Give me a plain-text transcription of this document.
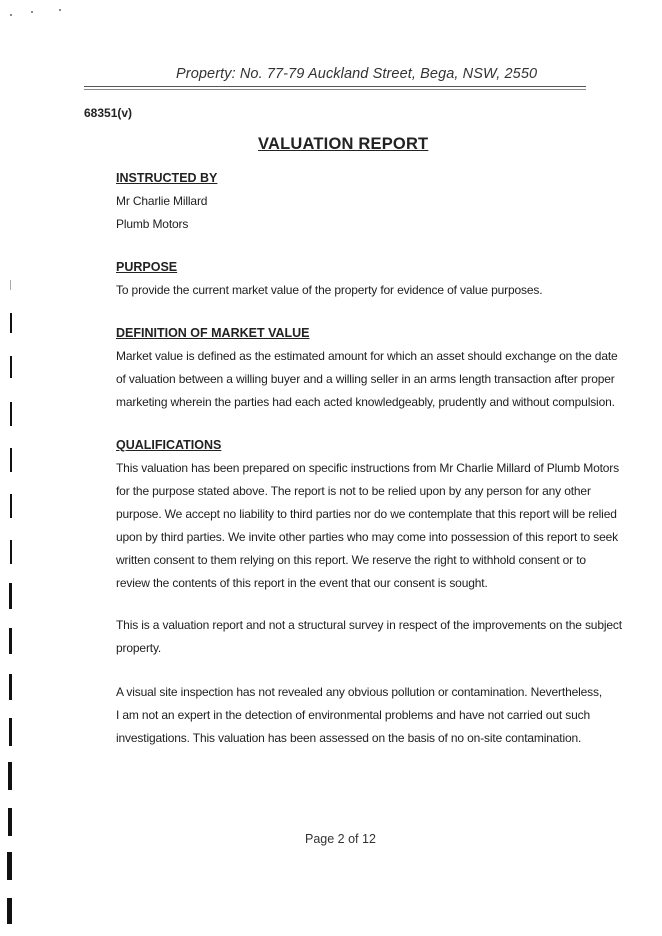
Property: No. 77-79 Auckland Street, Bega, NSW, 2550
68351(v)
VALUATION REPORT
INSTRUCTED BY
Mr Charlie Millard
Plumb Motors
PURPOSE
To provide the current market value of the property for evidence of value purposes.
DEFINITION OF MARKET VALUE
Market value is defined as the estimated amount for which an asset should exchange on the date
of valuation between a willing buyer and a willing seller in an arms length transaction after proper
marketing wherein the parties had each acted knowledgeably, prudently and without compulsion.
QUALIFICATIONS
This valuation has been prepared on specific instructions from Mr Charlie Millard of Plumb Motors
for the purpose stated above. The report is not to be relied upon by any person for any other
purpose. We accept no liability to third parties nor do we contemplate that this report will be relied
upon by third parties. We invite other parties who may come into possession of this report to seek
written consent to them relying on this report. We reserve the right to withhold consent or to
review the contents of this report in the event that our consent is sought.
This is a valuation report and not a structural survey in respect of the improvements on the subject
property.
A visual site inspection has not revealed any obvious pollution or contamination. Nevertheless,
I am not an expert in the detection of environmental problems and have not carried out such
investigations. This valuation has been assessed on the basis of no on-site contamination.
Page 2 of 12
